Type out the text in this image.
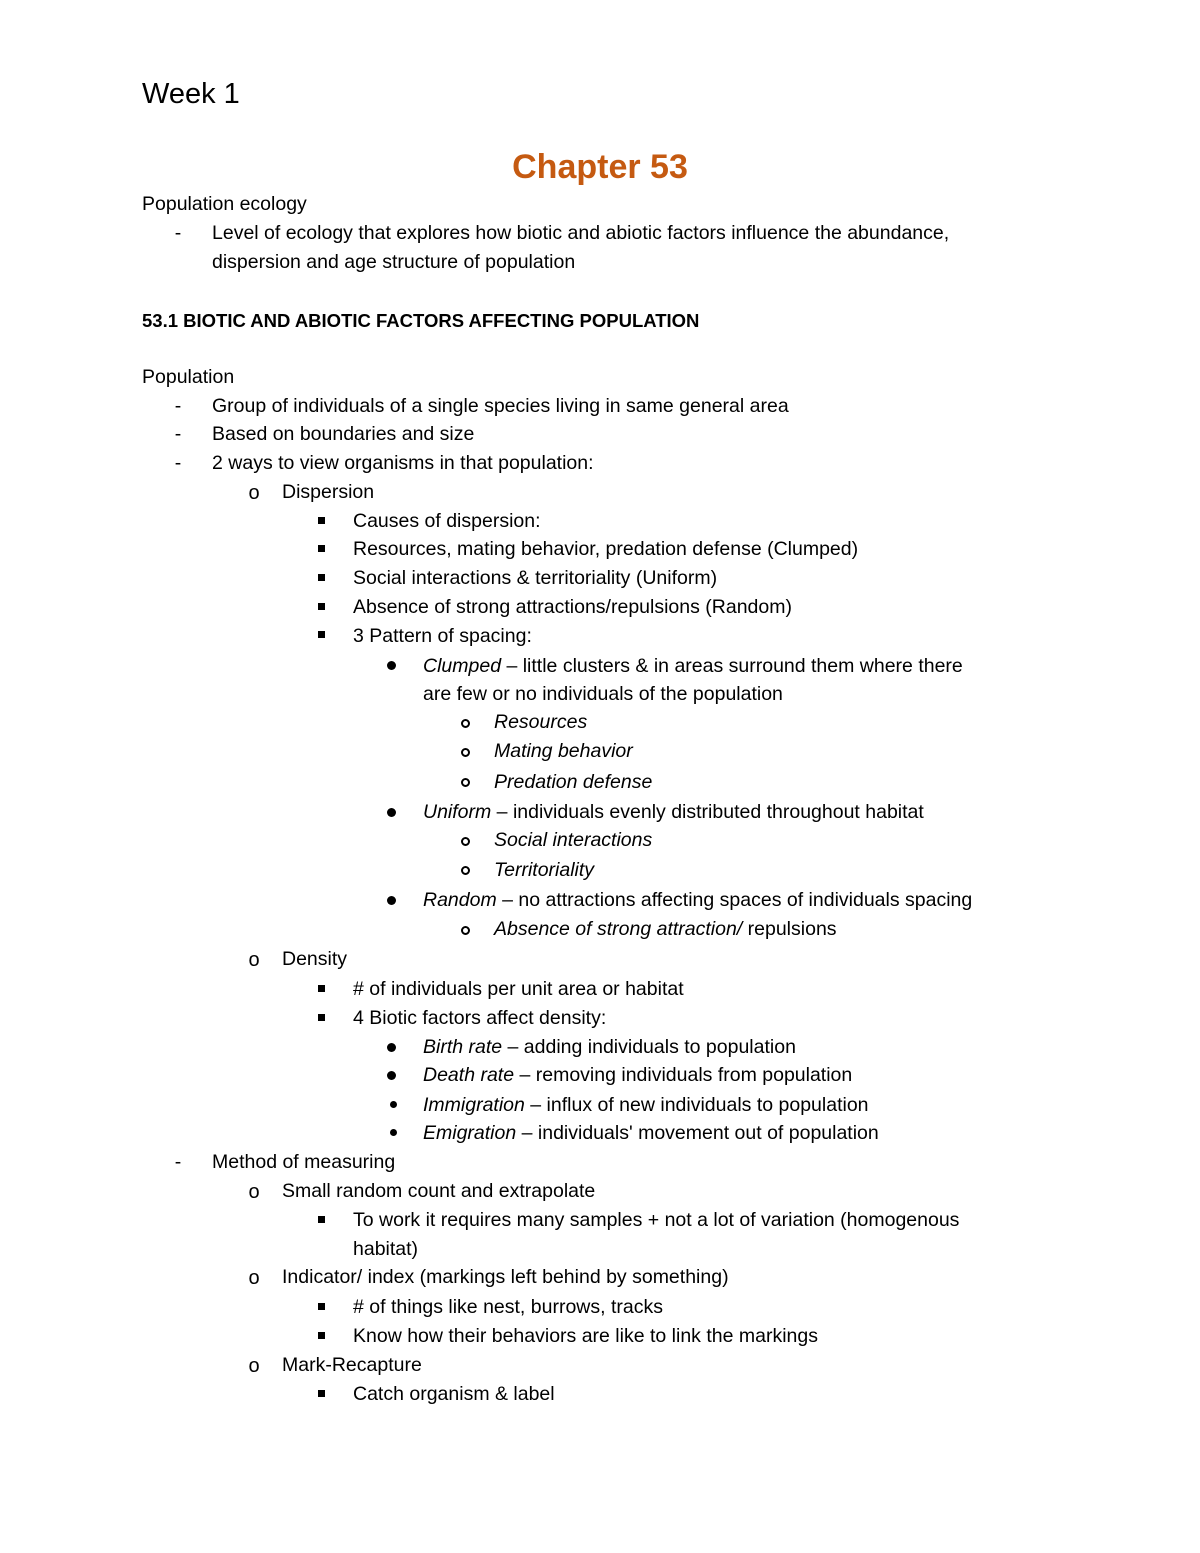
Week 1
Chapter 53
Population ecology
-	Level of ecology that explores how biotic and abiotic factors influence the abundance,
dispersion and age structure of population
53.1 BIOTIC AND ABIOTIC FACTORS AFFECTING POPULATION
Population
-	Group of individuals of a single species living in same general area
-	Based on boundaries and size
-	2 ways to view organisms in that population:
o Dispersion
Causes of dispersion:
Resources, mating behavior, predation defense (Clumped)
Social interactions & territoriality (Uniform)
Absence of strong attractions/repulsions (Random)
3 Pattern of spacing:
Clumped – little clusters & in areas surround them where there
are few or no individuals of the population
Resources
Mating behavior
Predation defense
Uniform – individuals evenly distributed throughout habitat
Social interactions
Territoriality
Random – no attractions affecting spaces of individuals spacing
Absence of strong attraction/ repulsions
o Density
# of individuals per unit area or habitat
4 Biotic factors affect density:
Birth rate – adding individuals to population
Death rate – removing individuals from population
Immigration – influx of new individuals to population
Emigration – individuals' movement out of population
-	Method of measuring
o Small random count and extrapolate
To work it requires many samples + not a lot of variation (homogenous
habitat)
o Indicator/ index (markings left behind by something)
# of things like nest, burrows, tracks
Know how their behaviors are like to link the markings
o Mark-Recapture
Catch organism & label
